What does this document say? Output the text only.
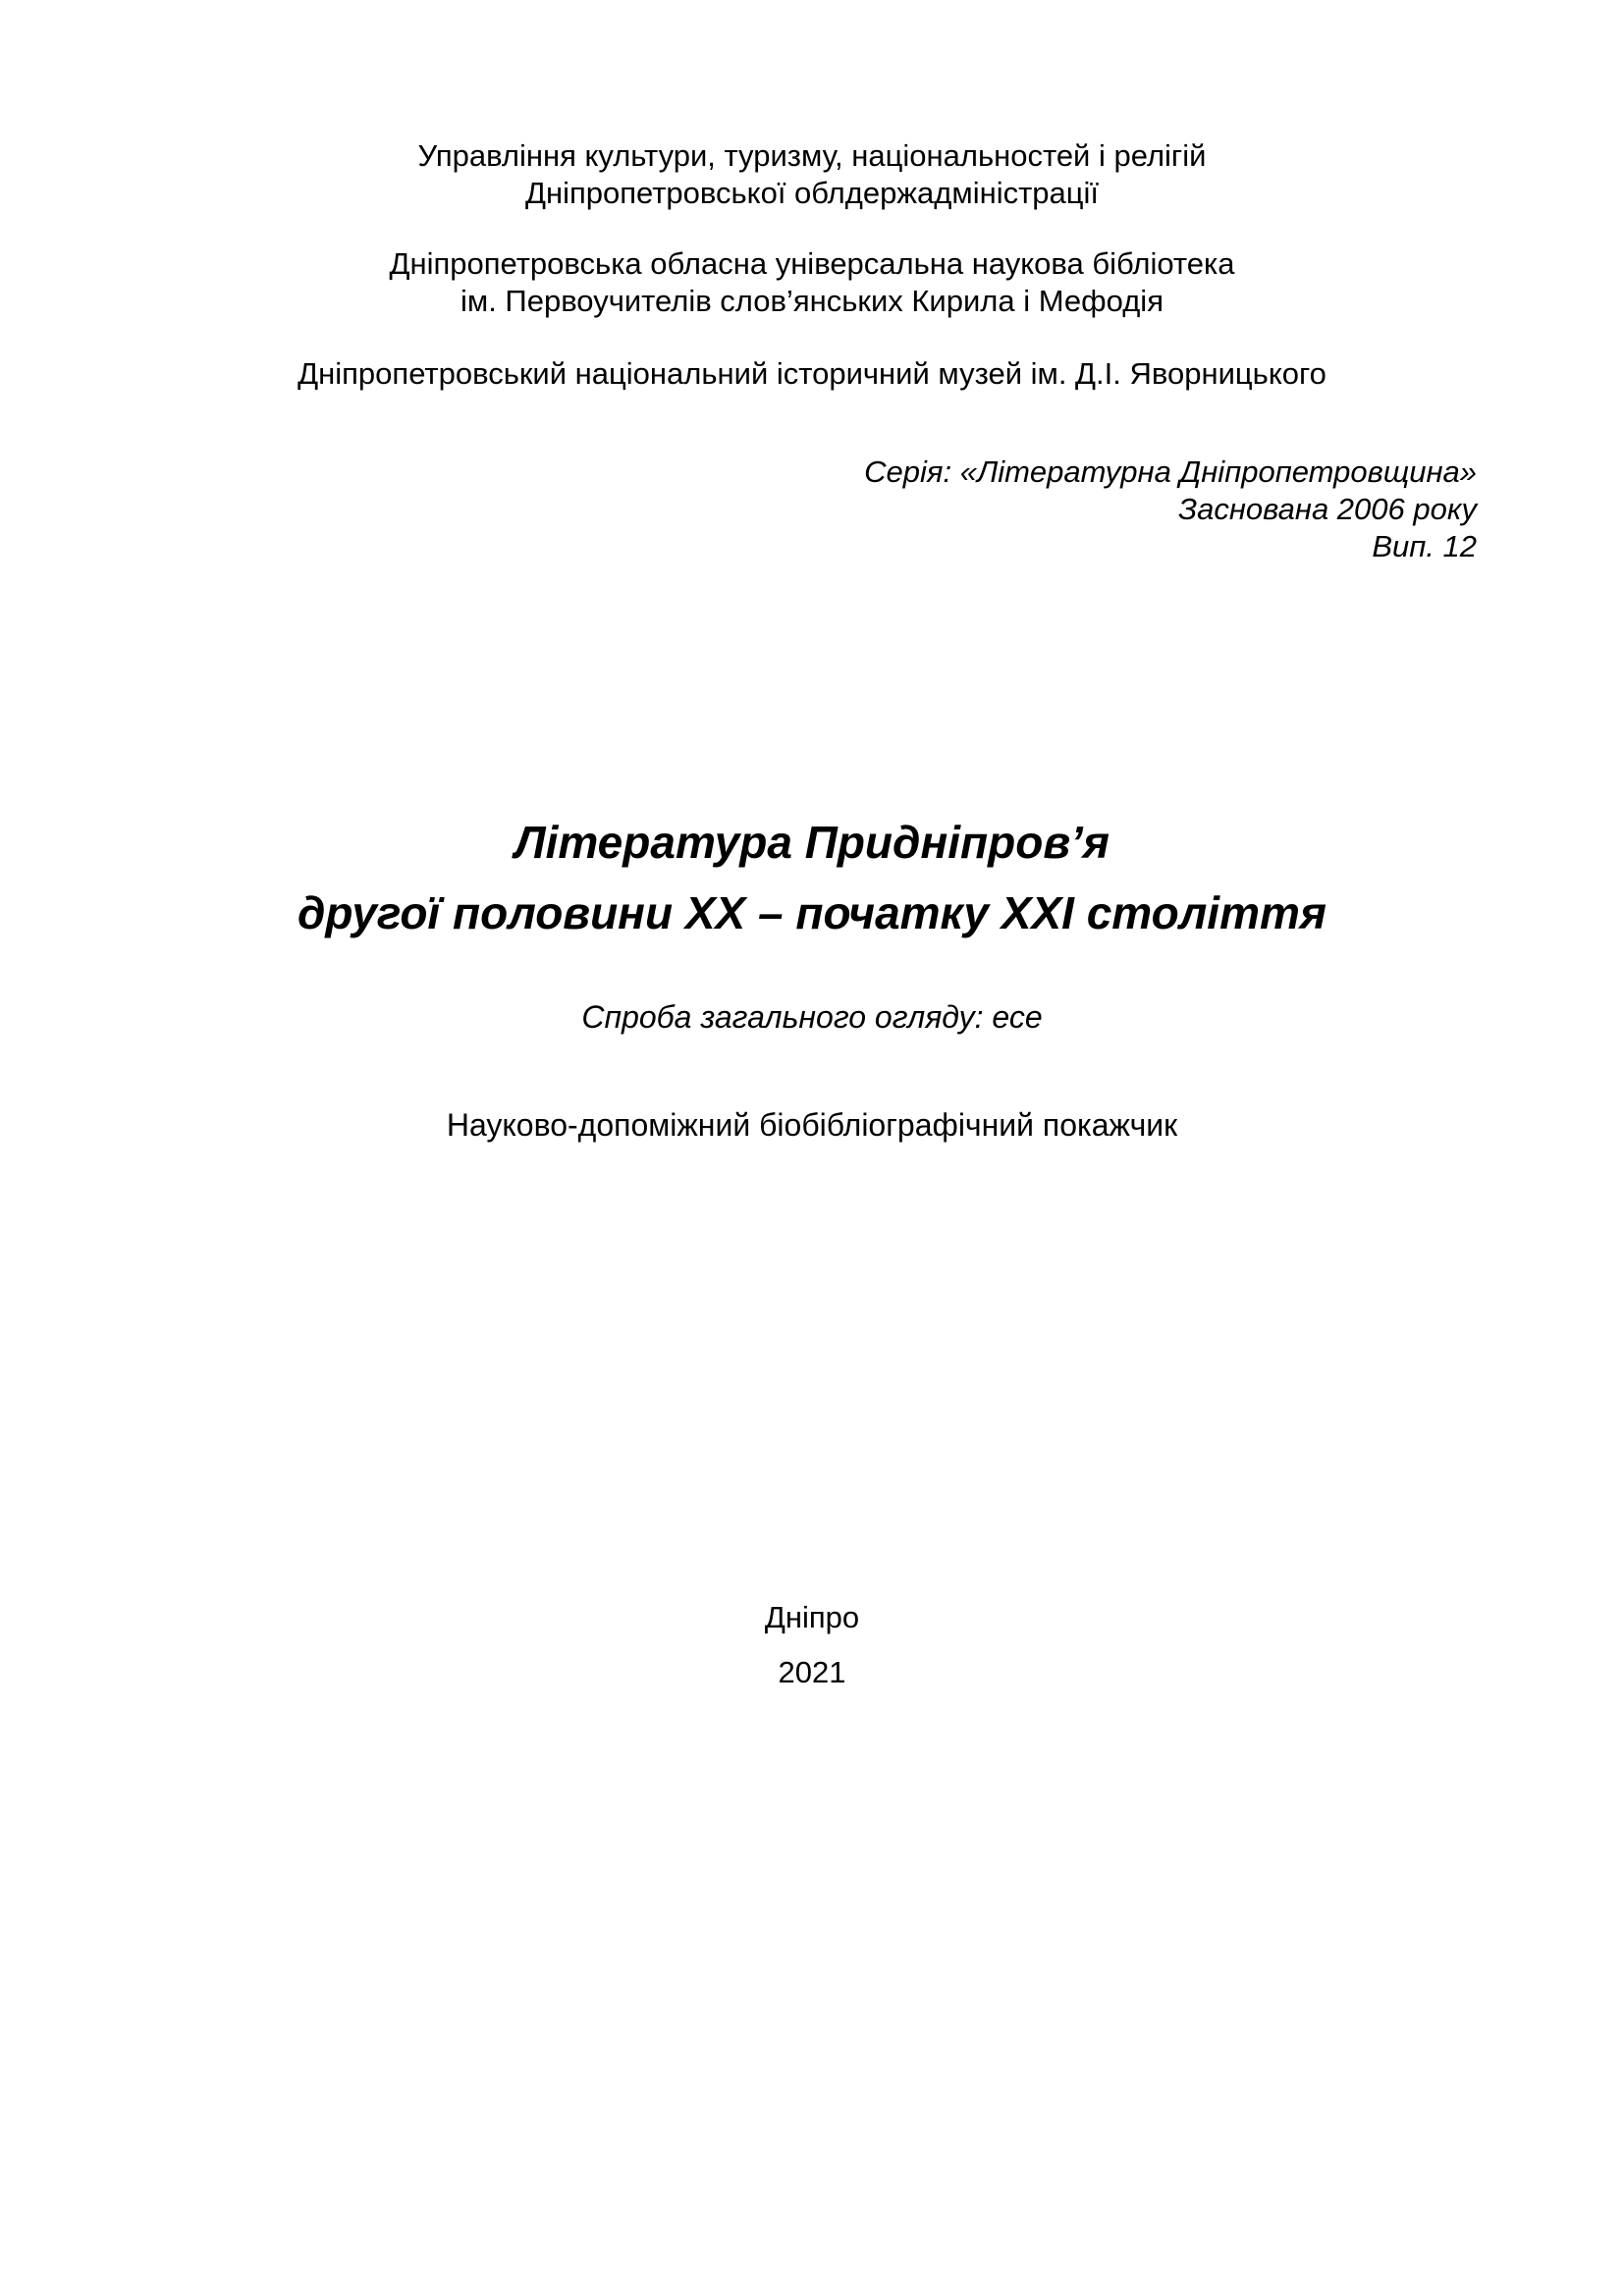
Управління культури, туризму, національностей і релігій
Дніпропетровської облдержадміністрації
Дніпропетровська обласна універсальна наукова бібліотека
ім. Первоучителів слов’янських Кирила і Мефодія
Дніпропетровський національний історичний музей ім. Д.І. Яворницького
Серія: «Літературна Дніпропетровщина»
Заснована 2006 року
Вип. 12
Література Придніпров’я
другої половини ХХ – початку ХХІ століття
Спроба загального огляду: есе
Науково-допоміжний біобібліографічний покажчик
Дніпро
2021
